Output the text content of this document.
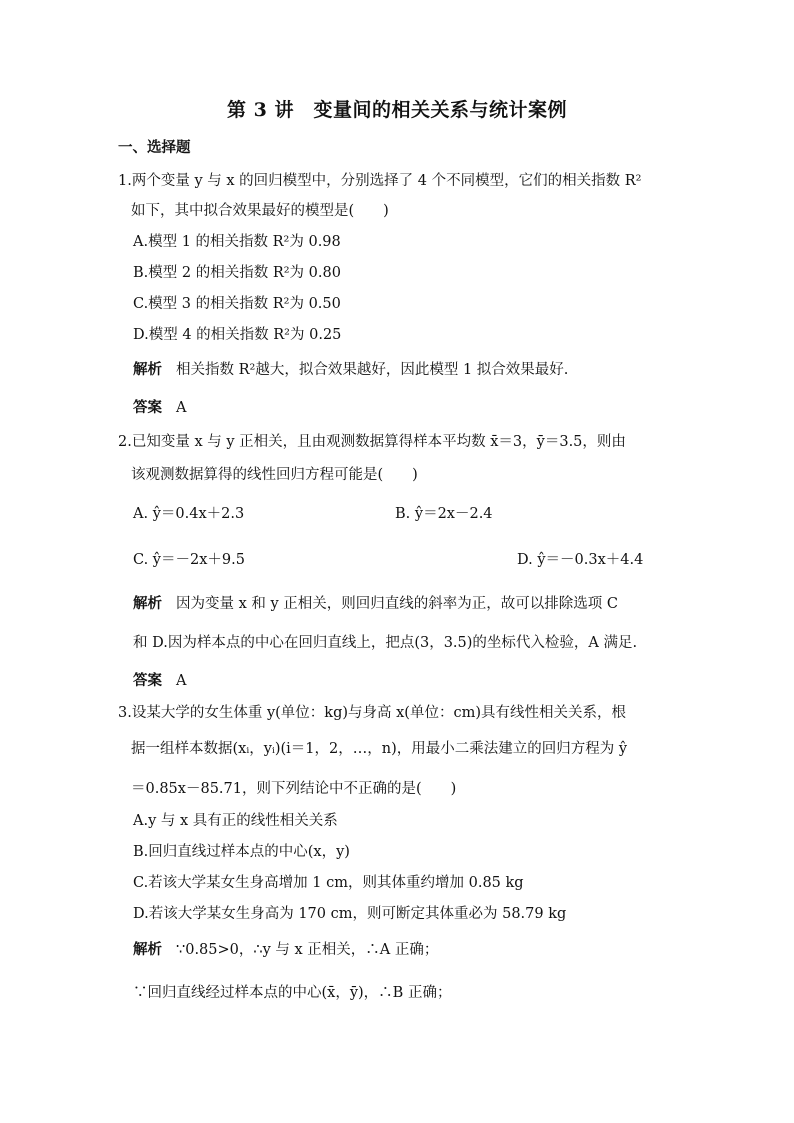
第 3 讲　变量间的相关关系与统计案例
一、选择题
1.两个变量 y 与 x 的回归模型中，分别选择了 4 个不同模型，它们的相关指数 R²
如下，其中拟合效果最好的模型是(　　)
A.模型 1 的相关指数 R²为 0.98
B.模型 2 的相关指数 R²为 0.80
C.模型 3 的相关指数 R²为 0.50
D.模型 4 的相关指数 R²为 0.25
解析 相关指数 R²越大，拟合效果越好，因此模型 1 拟合效果最好.
答案 A
2.已知变量 x 与 y 正相关，且由观测数据算得样本平均数 x̄＝3，ȳ＝3.5，则由
该观测数据算得的线性回归方程可能是(　　)
A. ŷ＝0.4x＋2.3	B. ŷ＝2x－2.4
C. ŷ＝－2x＋9.5	D. ŷ＝－0.3x＋4.4
解析 因为变量 x 和 y 正相关，则回归直线的斜率为正，故可以排除选项 C
和 D.因为样本点的中心在回归直线上，把点(3，3.5)的坐标代入检验，A 满足.
答案 A
3.设某大学的女生体重 y(单位：kg)与身高 x(单位：cm)具有线性相关关系，根
据一组样本数据(xᵢ，yᵢ)(i＝1，2，…，n)，用最小二乘法建立的回归方程为 ŷ
＝0.85x－85.71，则下列结论中不正确的是(　　)
A.y 与 x 具有正的线性相关关系
B.回归直线过样本点的中心(x，y)
C.若该大学某女生身高增加 1 cm，则其体重约增加 0.85 kg
D.若该大学某女生身高为 170 cm，则可断定其体重必为 58.79 kg
解析 ∵0.85>0，∴y 与 x 正相关，∴A 正确；
∵回归直线经过样本点的中心(x̄，ȳ)，∴B 正确；
